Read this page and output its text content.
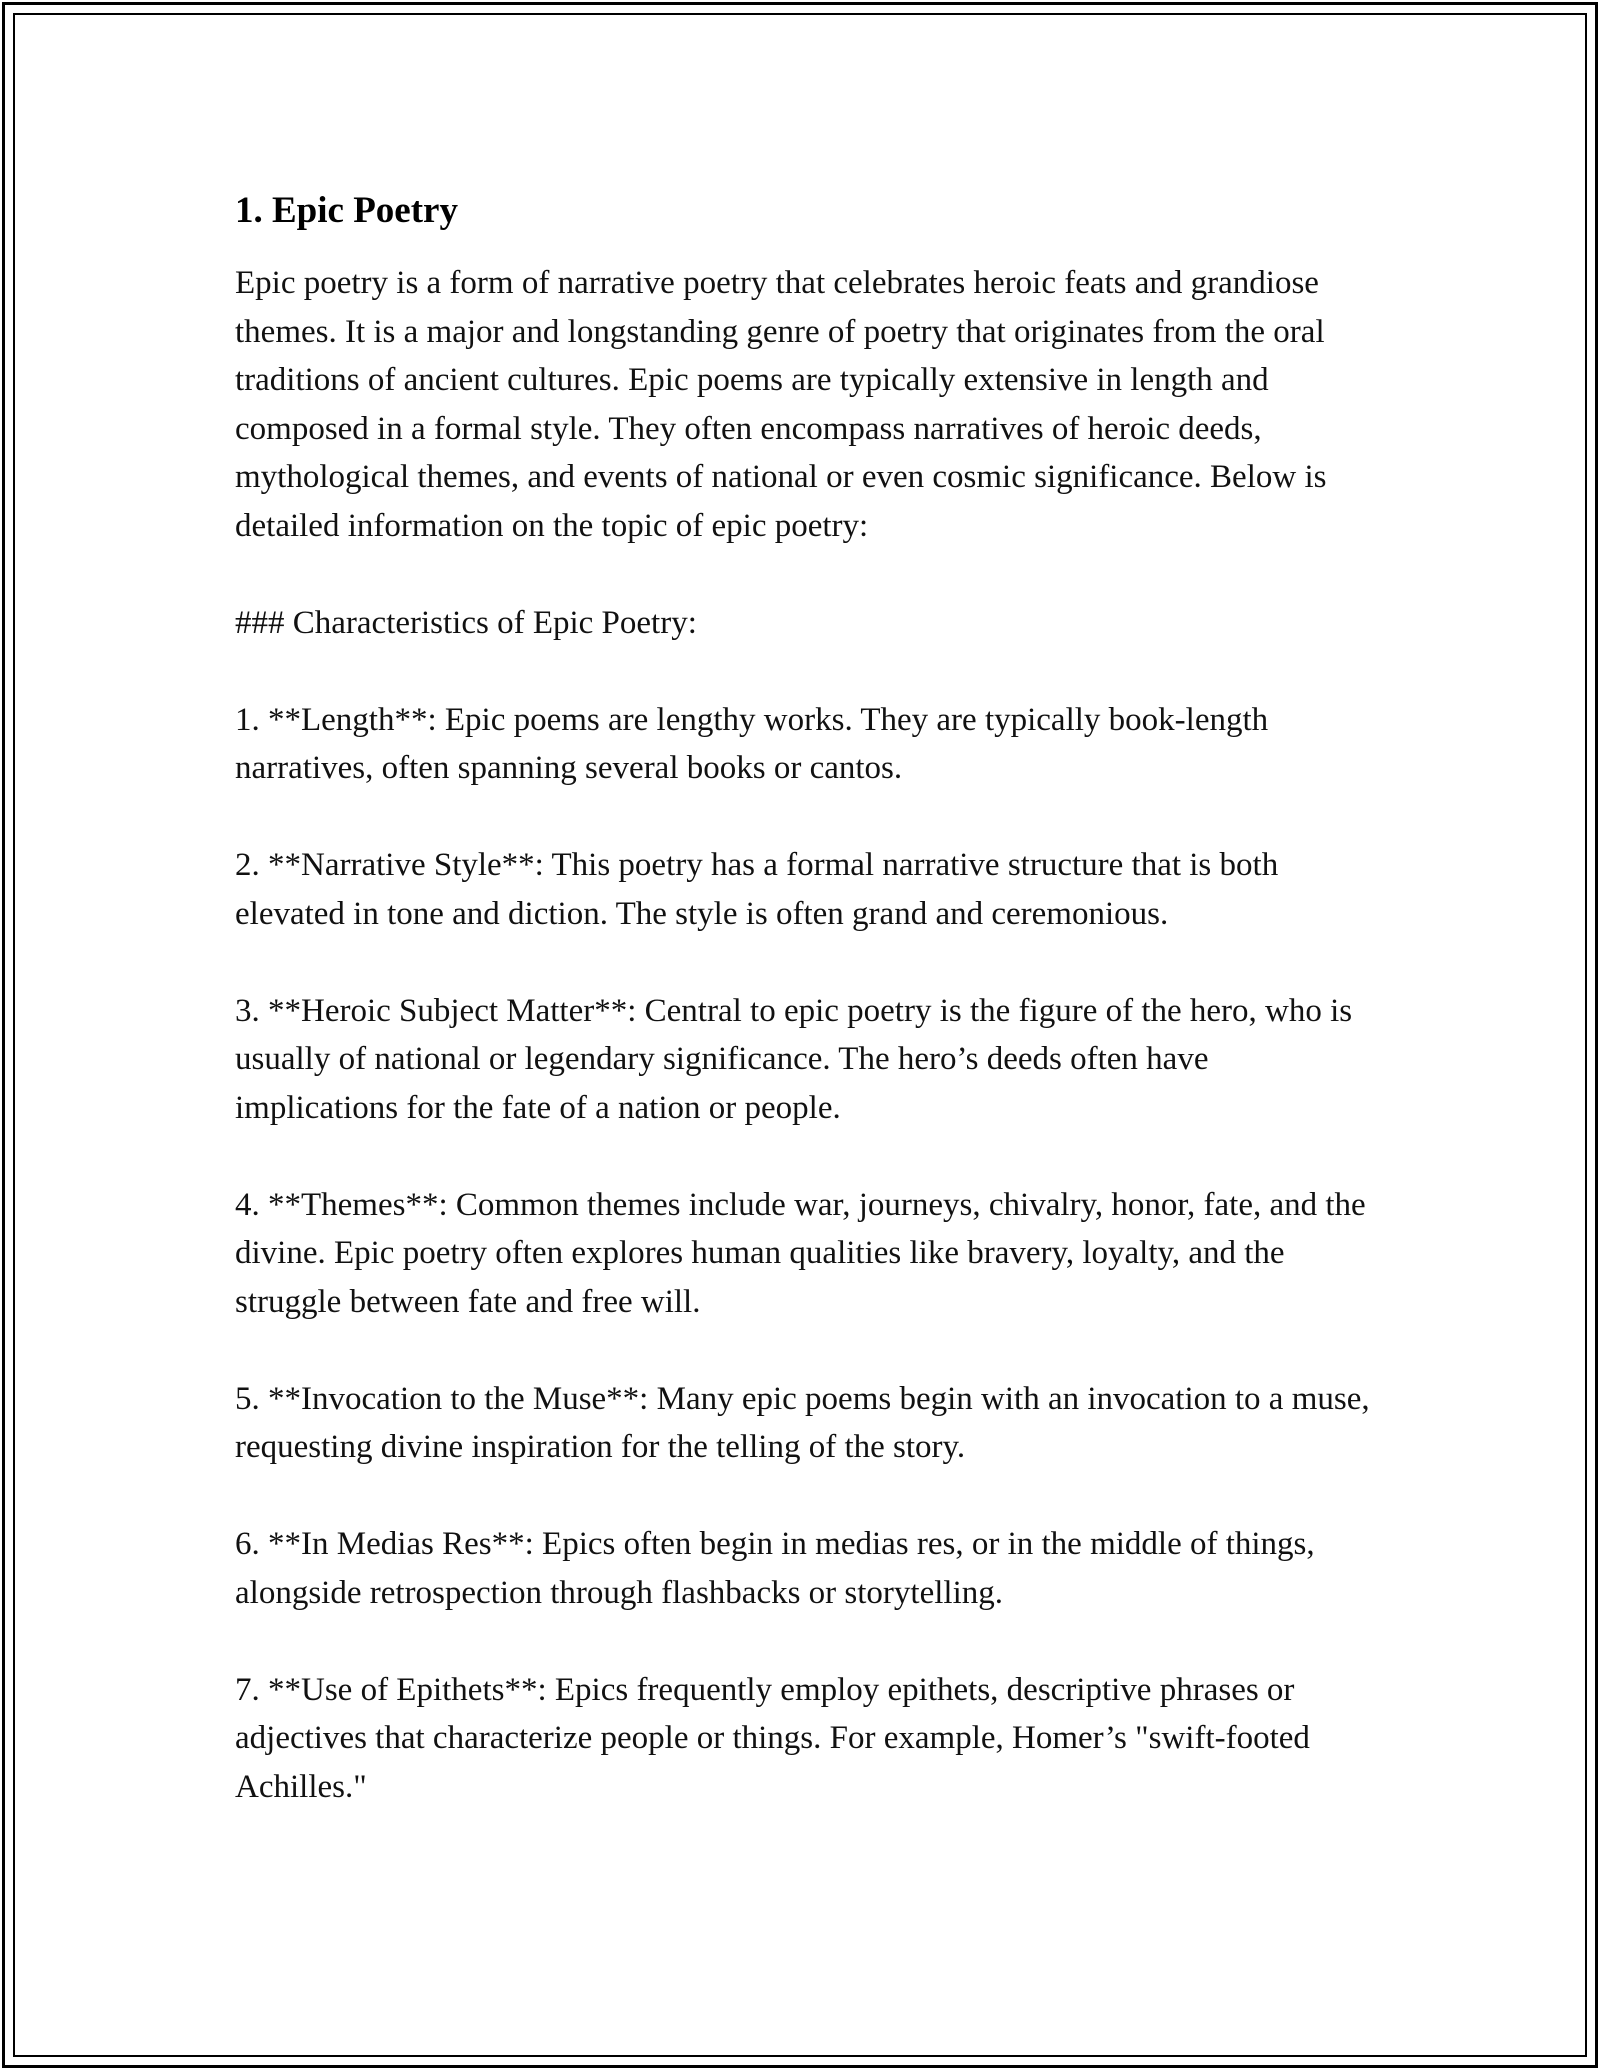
1. Epic Poetry

Epic poetry is a form of narrative poetry that celebrates heroic feats and grandiose themes. It is a major and longstanding genre of poetry that originates from the oral traditions of ancient cultures. Epic poems are typically extensive in length and composed in a formal style. They often encompass narratives of heroic deeds, mythological themes, and events of national or even cosmic significance. Below is detailed information on the topic of epic poetry:

### Characteristics of Epic Poetry:

1. **Length**: Epic poems are lengthy works. They are typically book-length narratives, often spanning several books or cantos.

2. **Narrative Style**: This poetry has a formal narrative structure that is both elevated in tone and diction. The style is often grand and ceremonious.

3. **Heroic Subject Matter**: Central to epic poetry is the figure of the hero, who is usually of national or legendary significance. The hero’s deeds often have implications for the fate of a nation or people.

4. **Themes**: Common themes include war, journeys, chivalry, honor, fate, and the divine. Epic poetry often explores human qualities like bravery, loyalty, and the struggle between fate and free will.

5. **Invocation to the Muse**: Many epic poems begin with an invocation to a muse, requesting divine inspiration for the telling of the story.

6. **In Medias Res**: Epics often begin in medias res, or in the middle of things, alongside retrospection through flashbacks or storytelling.

7. **Use of Epithets**: Epics frequently employ epithets, descriptive phrases or adjectives that characterize people or things. For example, Homer’s "swift-footed Achilles."
